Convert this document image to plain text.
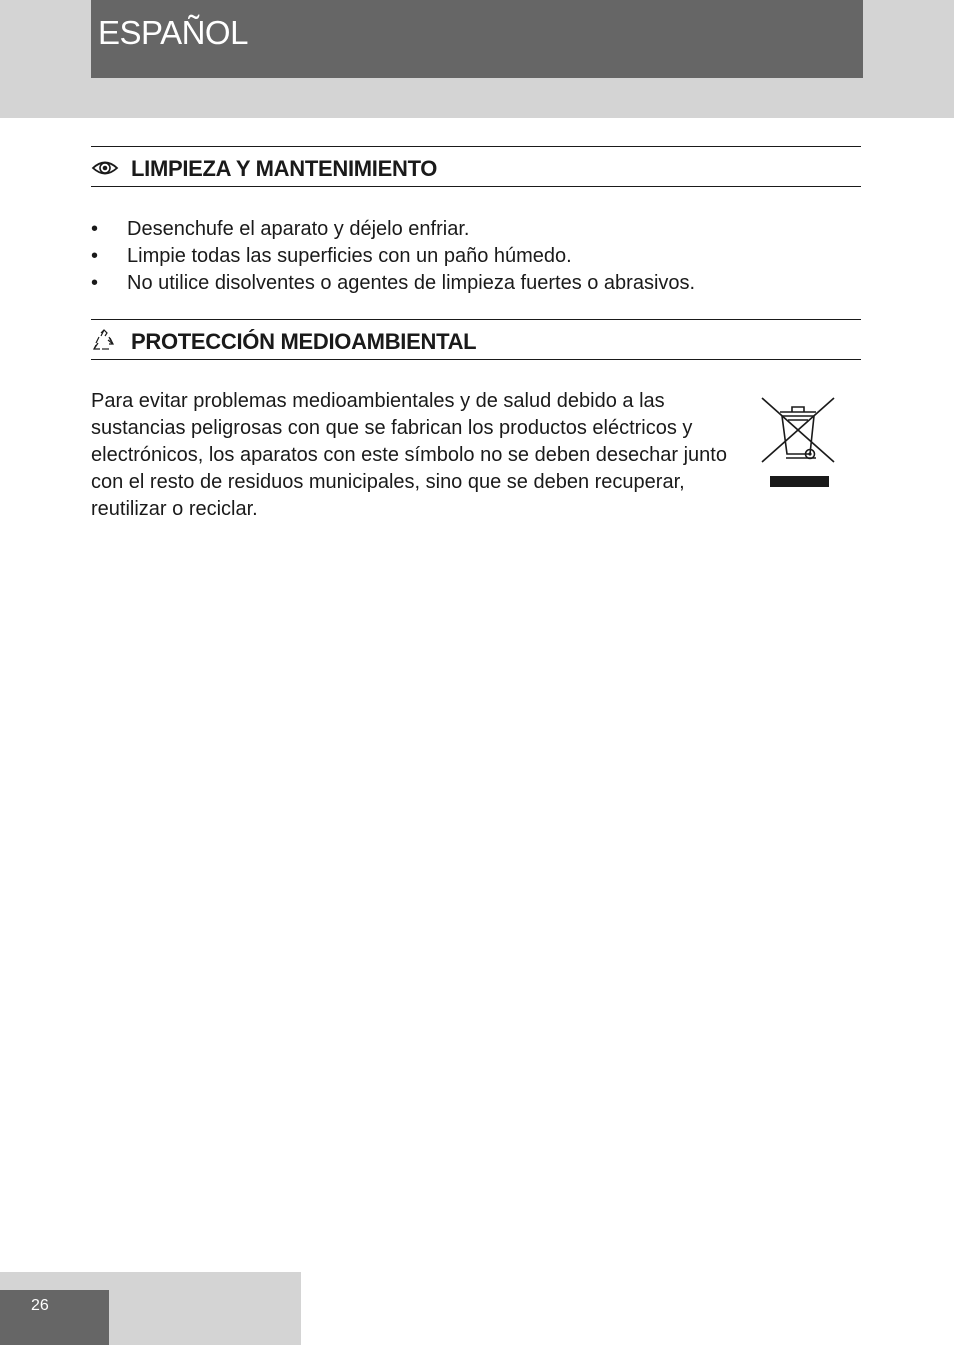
ESPAÑOL
LIMPIEZA Y MANTENIMIENTO
• Desenchufe el aparato y déjelo enfriar.
• Limpie todas las superficies con un paño húmedo.
• No utilice disolventes o agentes de limpieza fuertes o abrasivos.
PROTECCIÓN MEDIOAMBIENTAL
Para evitar problemas medioambientales y de salud debido a las sustancias peligrosas con que se fabrican los productos eléctricos y electrónicos, los aparatos con este símbolo no se deben desechar junto con el resto de residuos municipales, sino que se deben recuperar, reutilizar o reciclar.
26
